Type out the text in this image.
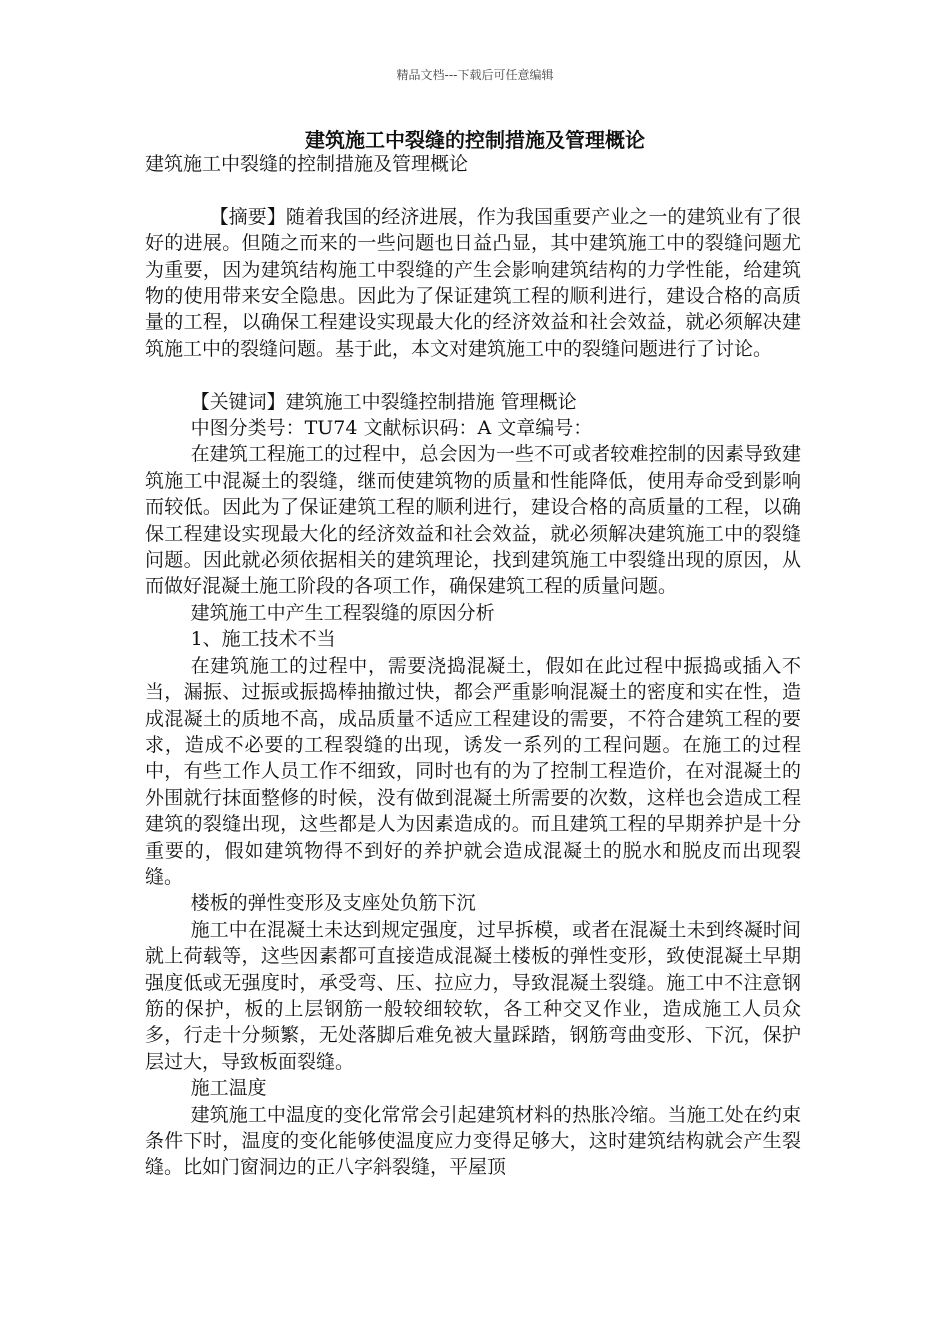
精品文档---下载后可任意编辑
建筑施工中裂缝的控制措施及管理概论

建筑施工中裂缝的控制措施及管理概论

【摘要】随着我国的经济进展，作为我国重要产业之一的建筑业有了很好的进展。但随之而来的一些问题也日益凸显，其中建筑施工中的裂缝问题尤为重要，因为建筑结构施工中裂缝的产生会影响建筑结构的力学性能，给建筑物的使用带来安全隐患。因此为了保证建筑工程的顺利进行，建设合格的高质量的工程，以确保工程建设实现最大化的经济效益和社会效益，就必须解决建筑施工中的裂缝问题。基于此，本文对建筑施工中的裂缝问题进行了讨论。

【关键词】建筑施工中裂缝控制措施 管理概论

中图分类号：TU74 文献标识码：A 文章编号：

在建筑工程施工的过程中，总会因为一些不可或者较难控制的因素导致建筑施工中混凝土的裂缝，继而使建筑物的质量和性能降低，使用寿命受到影响而较低。因此为了保证建筑工程的顺利进行，建设合格的高质量的工程，以确保工程建设实现最大化的经济效益和社会效益，就必须解决建筑施工中的裂缝问题。因此就必须依据相关的建筑理论，找到建筑施工中裂缝出现的原因，从而做好混凝土施工阶段的各项工作，确保建筑工程的质量问题。

建筑施工中产生工程裂缝的原因分析

1、施工技术不当

在建筑施工的过程中，需要浇捣混凝土，假如在此过程中振捣或插入不当，漏振、过振或振捣棒抽撤过快，都会严重影响混凝土的密度和实在性，造成混凝土的质地不高，成品质量不适应工程建设的需要，不符合建筑工程的要求，造成不必要的工程裂缝的出现，诱发一系列的工程问题。在施工的过程中，有些工作人员工作不细致，同时也有的为了控制工程造价，在对混凝土的外围就行抹面整修的时候，没有做到混凝土所需要的次数，这样也会造成工程建筑的裂缝出现，这些都是人为因素造成的。而且建筑工程的早期养护是十分重要的，假如建筑物得不到好的养护就会造成混凝土的脱水和脱皮而出现裂缝。

楼板的弹性变形及支座处负筋下沉

施工中在混凝土未达到规定强度，过早拆模，或者在混凝土未到终凝时间就上荷载等，这些因素都可直接造成混凝土楼板的弹性变形，致使混凝土早期强度低或无强度时，承受弯、压、拉应力，导致混凝土裂缝。施工中不注意钢筋的保护，板的上层钢筋一般较细较软，各工种交叉作业，造成施工人员众多，行走十分频繁，无处落脚后难免被大量踩踏，钢筋弯曲变形、下沉，保护层过大，导致板面裂缝。

施工温度

建筑施工中温度的变化常常会引起建筑材料的热胀冷缩。当施工处在约束条件下时，温度的变化能够使温度应力变得足够大，这时建筑结构就会产生裂缝。比如门窗洞边的正八字斜裂缝，平屋顶
